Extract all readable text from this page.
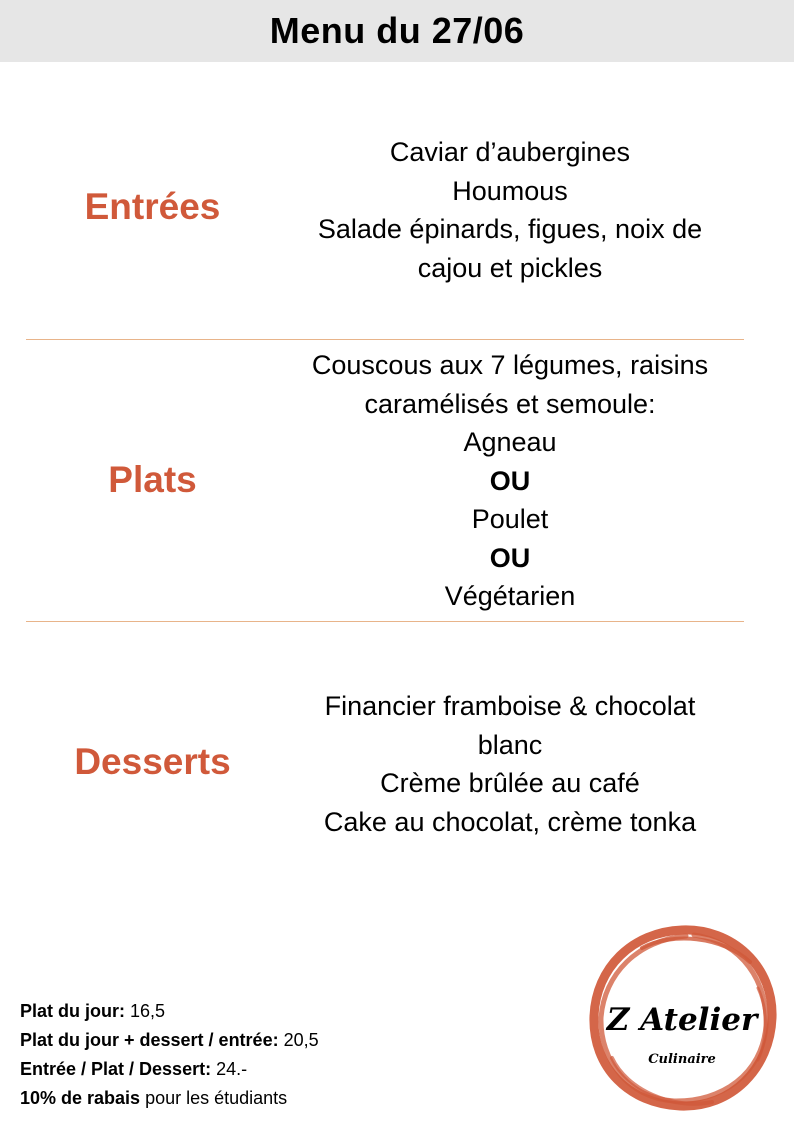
Menu du 27/06
Entrées
Caviar d’aubergines
Houmous
Salade épinards, figues, noix de
cajou et pickles
Plats
Couscous aux 7 légumes, raisins
caramélisés et semoule:
Agneau
OU
Poulet
OU
Végétarien
Desserts
Financier framboise & chocolat
blanc
Crème brûlée au café
Cake au chocolat, crème tonka
Plat du jour: 16,5
Plat du jour + dessert / entrée: 20,5
Entrée / Plat / Dessert: 24.-
10% de rabais pour les étudiants
Z Atelier
Culinaire
